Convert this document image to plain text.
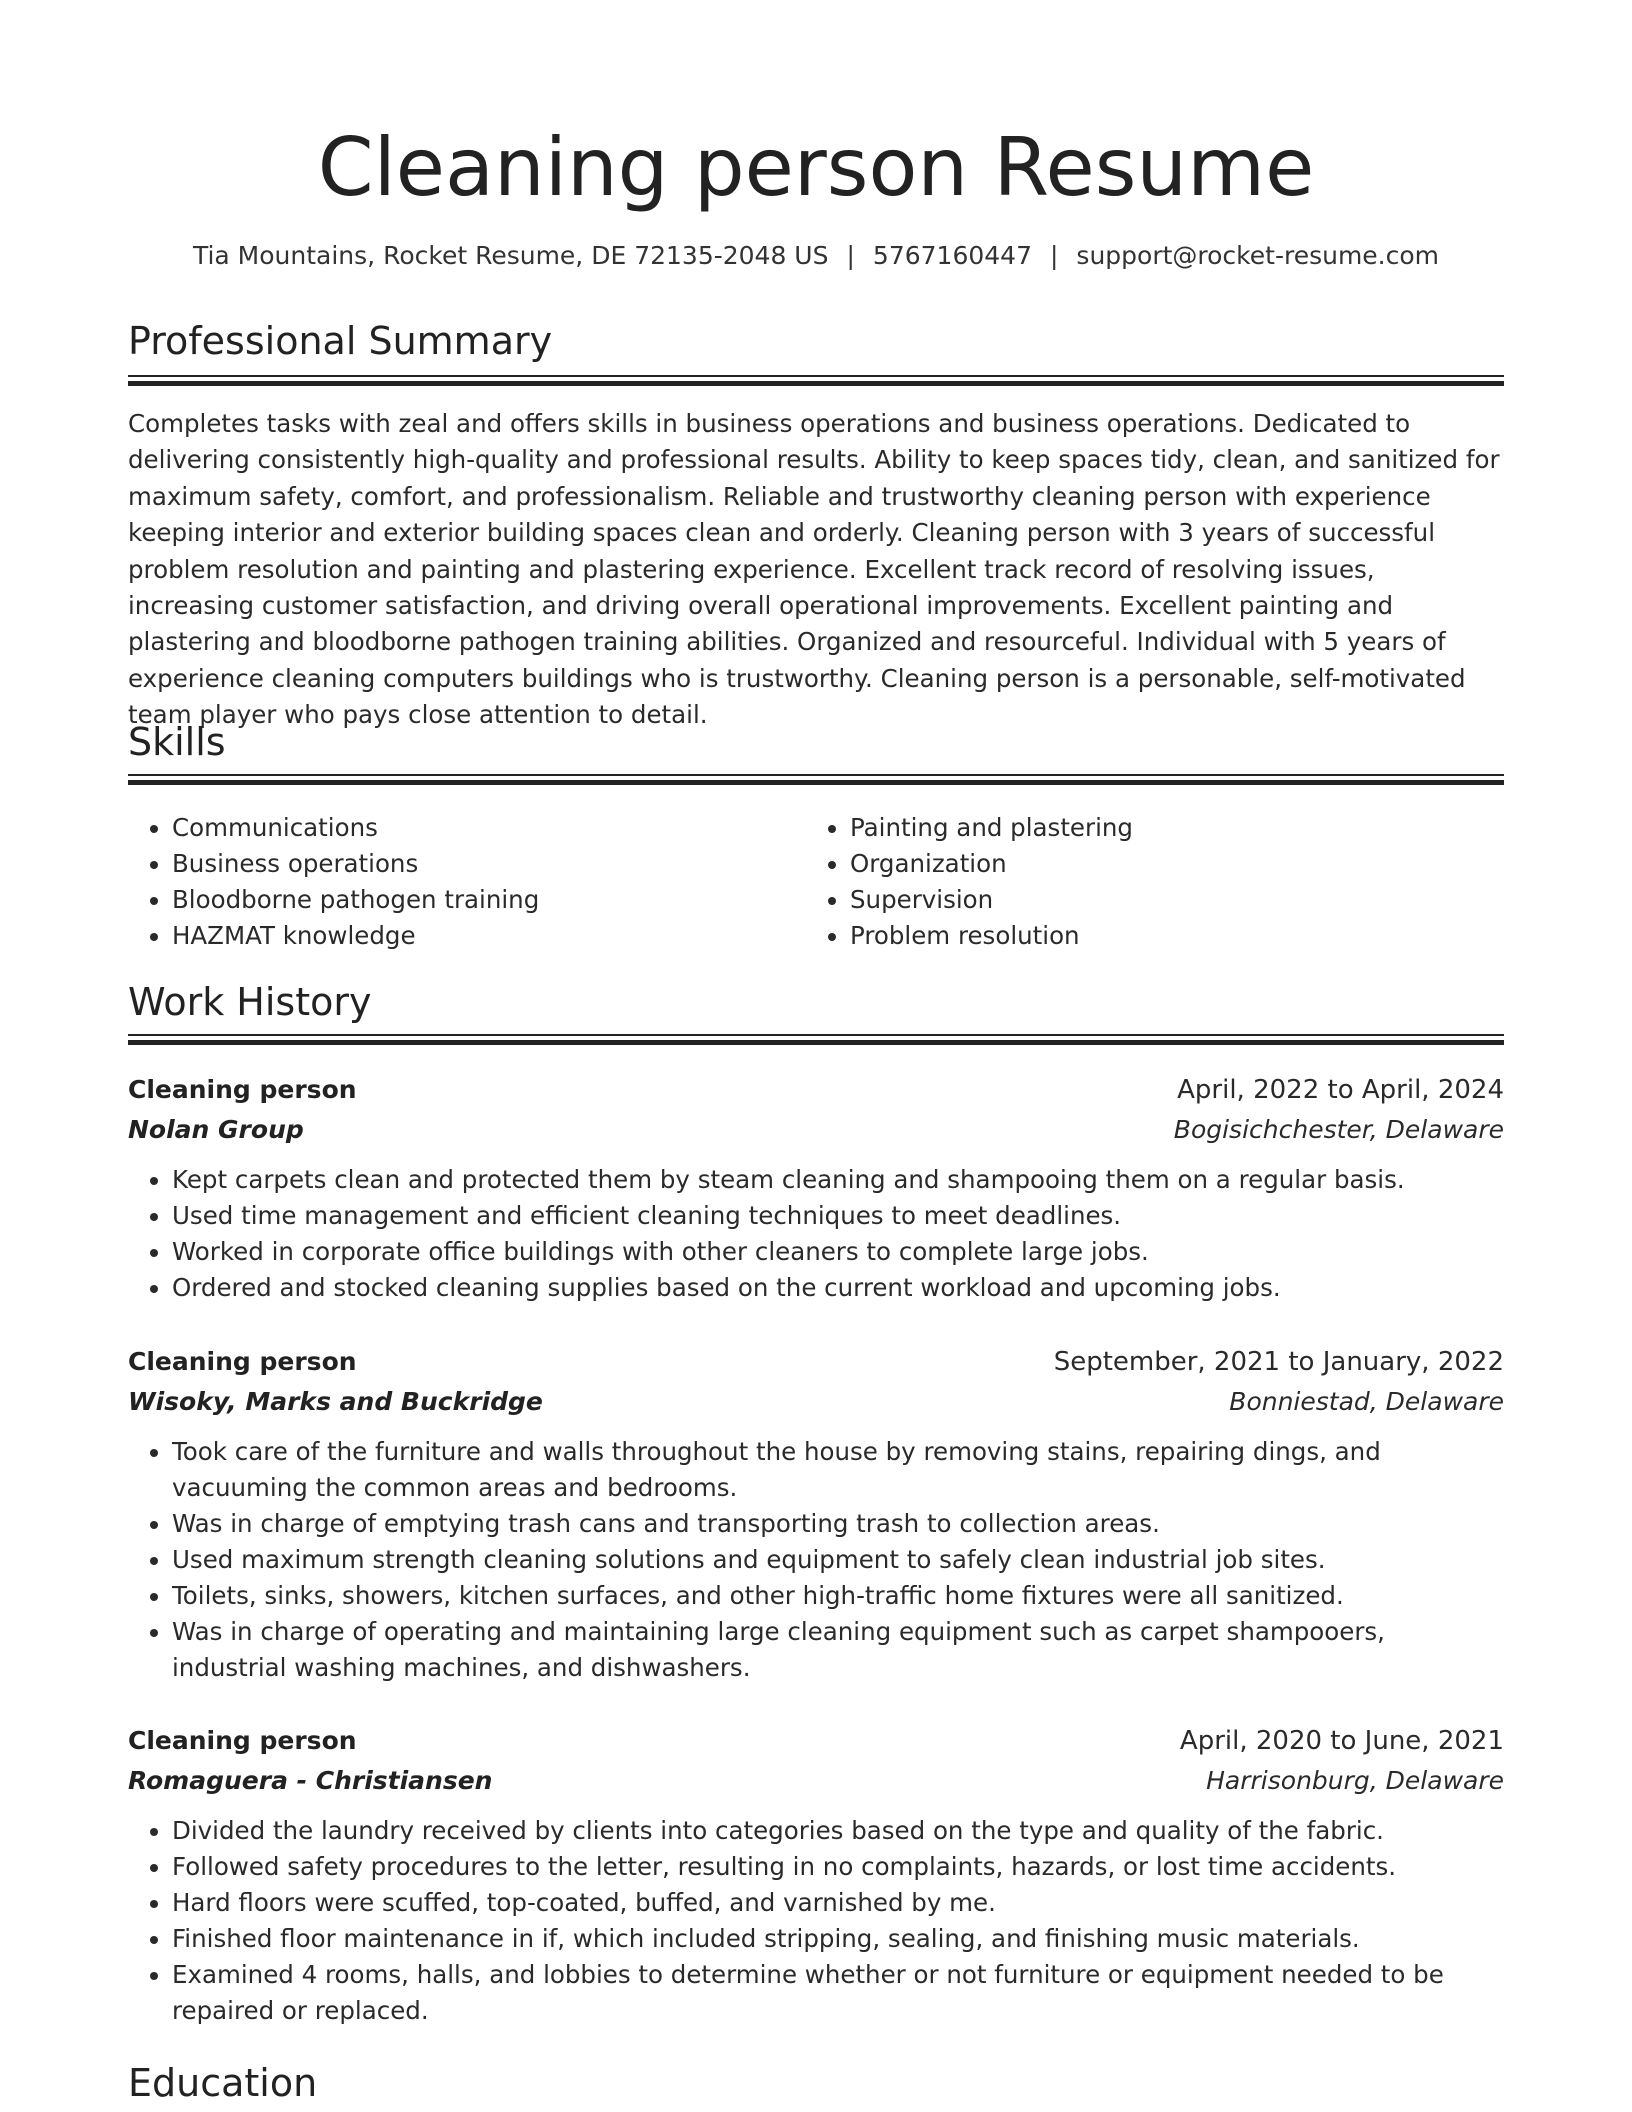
Cleaning person Resume
Tia Mountains, Rocket Resume, DE 72135-2048 US | 5767160447 | support@rocket-resume.com
Professional Summary

Completes tasks with zeal and offers skills in business operations and business operations. Dedicated to delivering consistently high-quality and professional results. Ability to keep spaces tidy, clean, and sanitized for maximum safety, comfort, and professionalism. Reliable and trustworthy cleaning person with experience keeping interior and exterior building spaces clean and orderly. Cleaning person with 3 years of successful problem resolution and painting and plastering experience. Excellent track record of resolving issues, increasing customer satisfaction, and driving overall operational improvements. Excellent painting and plastering and bloodborne pathogen training abilities. Organized and resourceful. Individual with 5 years of experience cleaning computers buildings who is trustworthy. Cleaning person is a personable, self-motivated team player who pays close attention to detail.

Skills
• Communications
• Business operations
• Bloodborne pathogen training
• HAZMAT knowledge
• Painting and plastering
• Organization
• Supervision
• Problem resolution
Work History
Cleaning person	April, 2022 to April, 2024
Nolan Group	Bogisichchester, Delaware
• Kept carpets clean and protected them by steam cleaning and shampooing them on a regular basis.
• Used time management and efficient cleaning techniques to meet deadlines.
• Worked in corporate office buildings with other cleaners to complete large jobs.
• Ordered and stocked cleaning supplies based on the current workload and upcoming jobs.
Cleaning person	September, 2021 to January, 2022
Wisoky, Marks and Buckridge	Bonniestad, Delaware
• Took care of the furniture and walls throughout the house by removing stains, repairing dings, and vacuuming the common areas and bedrooms.
• Was in charge of emptying trash cans and transporting trash to collection areas.
• Used maximum strength cleaning solutions and equipment to safely clean industrial job sites.
• Toilets, sinks, showers, kitchen surfaces, and other high-traffic home fixtures were all sanitized.
• Was in charge of operating and maintaining large cleaning equipment such as carpet shampooers, industrial washing machines, and dishwashers.
Cleaning person	April, 2020 to June, 2021
Romaguera - Christiansen	Harrisonburg, Delaware
• Divided the laundry received by clients into categories based on the type and quality of the fabric.
• Followed safety procedures to the letter, resulting in no complaints, hazards, or lost time accidents.
• Hard floors were scuffed, top-coated, buffed, and varnished by me.
• Finished floor maintenance in if, which included stripping, sealing, and finishing music materials.
• Examined 4 rooms, halls, and lobbies to determine whether or not furniture or equipment needed to be repaired or replaced.
Education
